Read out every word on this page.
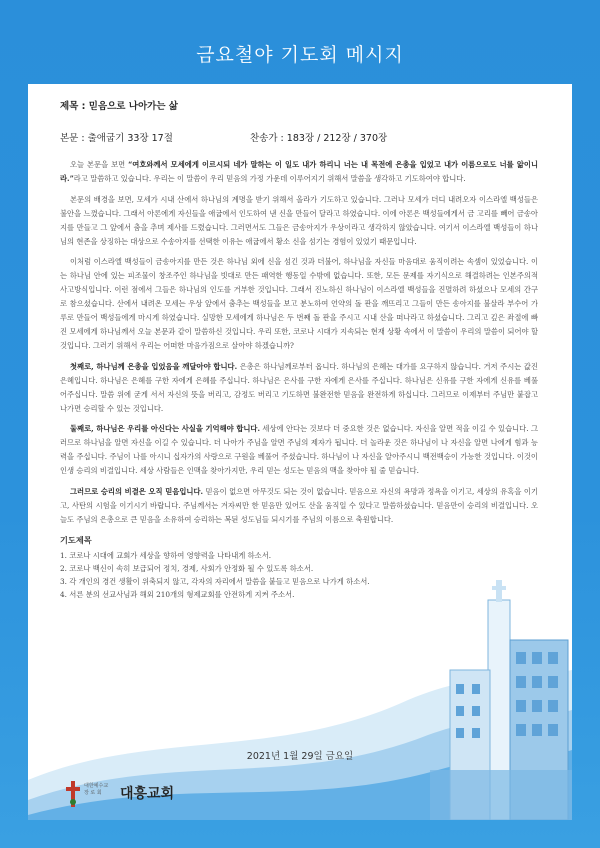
금요철야 기도회 메시지
제목 : 믿음으로 나아가는 삶
본문 : 출애굽기 33장 17절	찬송가 : 183장 / 212장 / 370장

오늘 본문을 보면 “여호와께서 모세에게 이르시되 네가 말하는 이 일도 내가 하리니 너는 내 목전에 은총을 입었고 내가 이름으로도 너를 앎이니라.”라고 말씀하고 있습니다. 우리는 이 말씀이 우리 믿음의 가정 가운데 이루어지기 위해서 말씀을 생각하고 기도하여야 합니다.

본문의 배경을 보면, 모세가 시내 산에서 하나님의 계명을 받기 위해서 올라가 기도하고 있습니다. 그러나 모세가 더디 내려오자 이스라엘 백성들은 불안을 느꼈습니다. 그래서 아론에게 자신들을 애굽에서 인도하여 낸 신을 만들어 달라고 하였습니다. 이에 아론은 백성들에게서 금 고리를 빼어 금송아지를 만들고 그 앞에서 춤을 추며 제사를 드렸습니다. 그러면서도 그들은 금송아지가 우상이라고 생각하지 않았습니다. 여기서 이스라엘 백성들이 하나님의 현존을 상징하는 대상으로 수송아지를 선택한 이유는 애굽에서 황소 신을 섬기는 경험이 있었기 때문입니다.

이처럼 이스라엘 백성들이 금송아지를 만든 것은 하나님 외에 신을 섬긴 것과 더불어, 하나님을 자신들 마음대로 움직이려는 속셈이 있었습니다. 이는 하나님 안에 있는 피조물이 창조주인 하나님을 빗대로 만든 패역한 행동일 수밖에 없습니다. 또한, 모든 문제를 자기식으로 해결하려는 인본주의적 사고방식입니다. 이런 점에서 그들은 하나님의 인도를 거부한 것입니다. 그래서 진노하신 하나님이 이스라엘 백성들을 진멸하려 하셨으나 모세의 간구로 참으셨습니다. 산에서 내려온 모세는 우상 앞에서 춤추는 백성들을 보고 분노하여 언약의 돌 판을 깨뜨리고 그들이 만든 송아지를 불살라 부수어 가루로 만들어 백성들에게 마시게 하였습니다. 실망한 모세에게 하나님은 두 번째 돌 판을 주시고 시내 산을 떠나라고 하셨습니다. 그리고 깊은 좌절에 빠진 모세에게 하나님께서 오늘 본문과 같이 말씀하신 것입니다. 우리 또한, 코로나 시대가 지속되는 현재 상황 속에서 이 말씀이 우리의 말씀이 되어야 할 것입니다. 그러기 위해서 우리는 어떠한 마음가짐으로 살아야 하겠습니까?

첫째로, 하나님께 은총을 입었음을 깨달아야 합니다. 은총은 하나님께로부터 옵니다. 하나님의 은혜는 대가를 요구하지 않습니다. 거저 주시는 값진 은혜입니다. 하나님은 은혜를 구한 자에게 은혜를 주십니다. 하나님은 은사를 구한 자에게 은사를 주십니다. 하나님은 신유를 구한 자에게 신유를 베풀어주십니다. 말씀 위에 굳게 서서 자신의 뜻을 버리고, 감정도 버리고 기도하면 불완전한 믿음을 완전하게 하십니다. 그러므로 이제부터 주님만 붙잡고 나가면 승리할 수 있는 것입니다.

둘째로, 하나님은 우리를 아신다는 사실을 기억해야 합니다. 세상에 안다는 것보다 더 중요한 것은 없습니다. 자신을 알면 적을 이길 수 있습니다. 그러므로 하나님을 알면 자신을 이길 수 있습니다. 더 나아가 주님을 알면 주님의 제자가 됩니다. 더 놀라운 것은 하나님이 나 자신을 알면 나에게 힘과 능력을 주십니다. 주님이 나를 아시니 십자가의 사랑으로 구원을 베풀어 주셨습니다. 하나님이 나 자신을 알아주시니 백전백승이 가능한 것입니다. 이것이 인생 승리의 비결입니다. 세상 사람들은 인맥을 찾아가지만, 우리 믿는 성도는 믿음의 맥을 찾아야 될 줄 믿습니다.

그러므로 승리의 비결은 오직 믿음입니다. 믿음이 없으면 아무것도 되는 것이 없습니다. 믿음으로 자신의 욕망과 정욕을 이기고, 세상의 유혹을 이기고, 사탄의 시험을 이기시기 바랍니다. 주님께서는 겨자씨만 한 믿음만 있어도 산을 움직일 수 있다고 말씀하셨습니다. 믿음만이 승리의 비결입니다. 오늘도 주님의 은총으로 큰 믿음을 소유하여 승리하는 복된 성도님들 되시기를 주님의 이름으로 축원합니다.

기도제목
1. 코로나 시대에 교회가 세상을 향하여 영향력을 나타내게 하소서.
2. 코로나 백신이 속히 보급되어 정치, 경제, 사회가 안정화 될 수 있도록 하소서.
3. 각 개인의 경건 생활이 위축되지 않고, 각자의 자리에서 말씀을 붙들고 믿음으로 나가게 하소서.
4. 서른 분의 선교사님과 해외 210개의 형제교회를 안전하게 지켜 주소서.
2021년 1월 29일 금요일
대한예수교
장 로 회	대흥교회
